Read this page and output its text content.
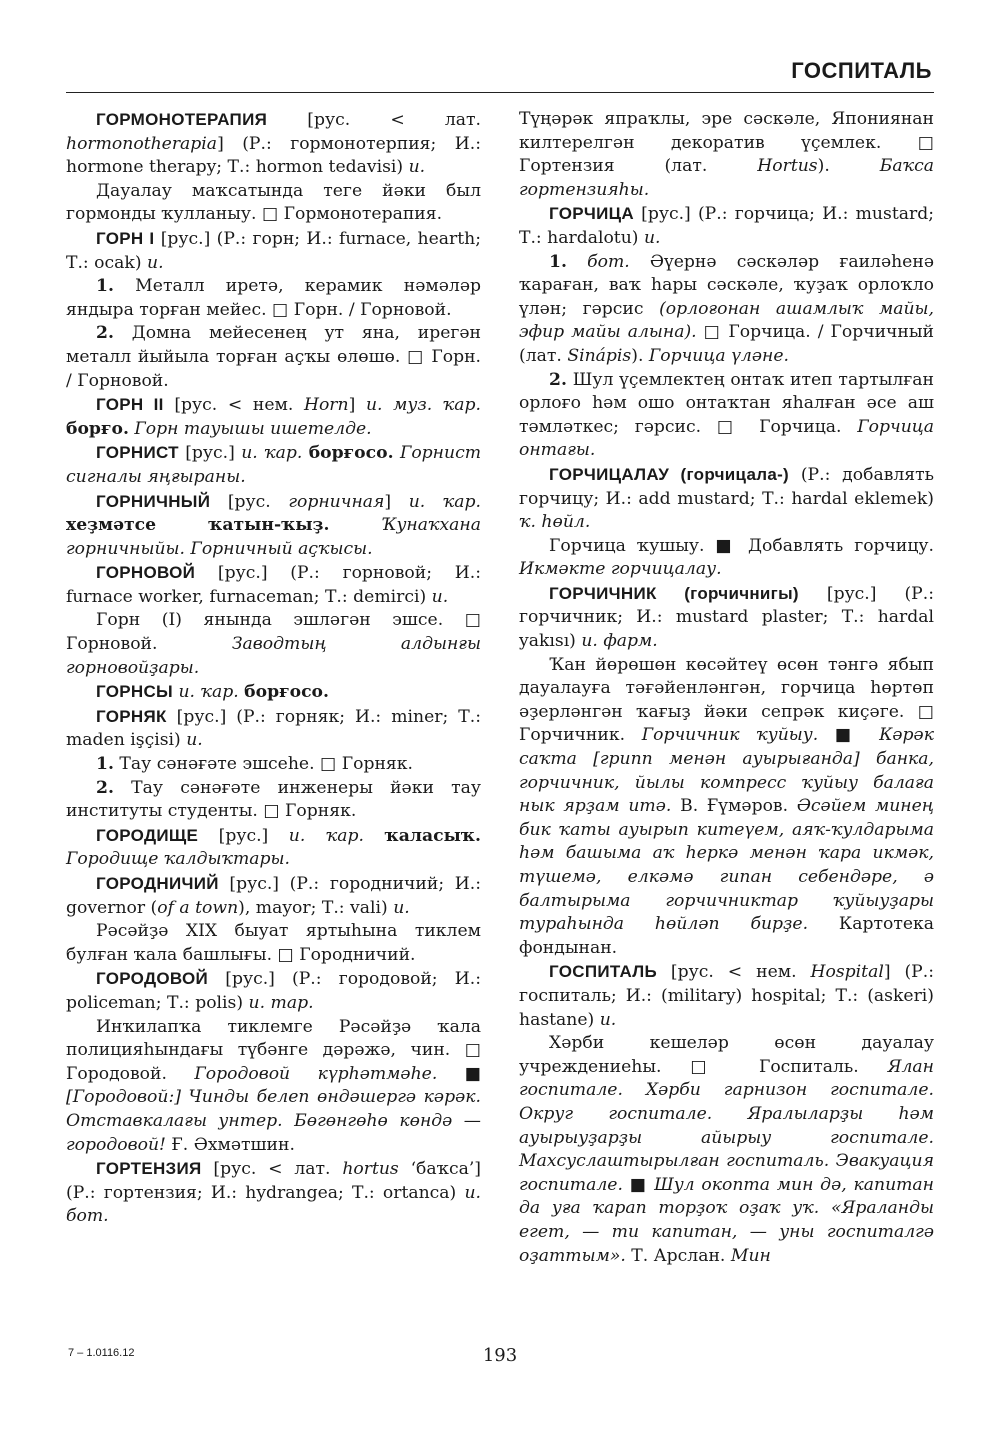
ГОСПИТАЛЬ

ГОРМОНОТЕРАПИЯ [рус. < лат. hormonotherapia] (Р.: гормонотерпия; И.: hormone therapy; Т.: hormon tedavisi) и.

Дауалау маҡсатында теге йәки был гормонды ҡулланыу. □ Гормонотерапия.

ГОРН I [рус.] (Р.: горн; И.: furnace, hearth; Т.: ocak) и.

1. Металл иретә, керамик нәмәләр яндыра торған мейес. □ Горн. / Горновой.

2. Домна мейесенең ут яна, ирегән металл йыйыла торған аҫҡы өлөшө. □ Горн. / Горновой.

ГОРН II [рус. < нем. Horn] и. муз. ҡар. борғо. Горн тауышы ишетелде.

ГОРНИСТ [рус.] и. ҡар. борғосо. Горнист сигналы яңғыраны.

ГОРНИЧНЫЙ [рус. горничная] и. ҡар. хеҙмәтсе ҡатын-ҡыҙ.	Ҡунаҡхана горничныйы. Горничный аҫҡысы.

ГОРНОВОЙ [рус.] (Р.: горновой; И.: furnace worker, furnaceman; Т.: demirci) и.

Горн (I) янында эшләгән эшсе. □ Горновой. Заводтың алдынғы горновойҙары.

ГОРНСЫ и. ҡар. борғосо.

ГОРНЯК [рус.] (Р.: горняк; И.: miner; Т.: maden işçisi) и.

1. Тау сәнәғәте эшсеһе. □ Горняк.

2. Тау сәнәғәте инженеры йәки тау институты студенты. □ Горняк.

ГОРОДИЩЕ [рус.] и. ҡар. ҡаласыҡ. Городище ҡалдыҡтары.

ГОРОДНИЧИЙ [рус.] (Р.: городничий; И.: governor (of a town), mayor; Т.: vali) и.

Рәсәйҙә XIX быуат яртыһына тиклем булған ҡала башлығы. □ Городничий.

ГОРОДОВОЙ [рус.] (Р.: городовой; И.: policeman; Т.: polis) и. тар.

Инҡилапҡа тиклемге Рәсәйҙә ҡала полицияһындағы түбәнге дәрәжә, чин. □ Городовой. Городовой күрһәтмәһе. ■ [Городовой:] Чинды белеп өндәшергә кәрәк. Отставкалағы унтер. Бөгөнгөһө көндә — городовой! Ғ. Әхмәтшин.

ГОРТЕНЗИЯ [рус. < лат. hortus ‘баҡса’] (Р.: гортензия; И.: hydrangea; Т.: ortanca) и. бот.

Түңәрәк япраҡлы, эре сәскәле, Япониянан килтерелгән декоратив үҫемлек. □ Гортензия (лат. Hortus). Баҡса гортензияһы.

ГОРЧИЦА [рус.] (Р.: горчица; И.: mustard; Т.: hardalotu) и.

1. бот. Әүернә сәскәләр ғаиләһенә ҡараған, ваҡ һары сәскәле, ҡуҙаҡ орлоҡло үлән; гәрсис (орлоғонан ашамлыҡ майы, эфир майы алына). □ Горчица. / Горчичный (лат. Sinápis). Горчица үләне.

2. Шул үҫемлектең онтаҡ итеп тартылған орлоғо һәм ошо онтаҡтан яһалған әсе аш тәмләткес; гәрсис. □ Горчица. Горчица онтағы.

ГОРЧИЦАЛАУ (горчицала-) (Р.: добавлять горчицу; И.: add mustard; Т.: hardal eklemek) ҡ. һөйл.

Горчица ҡушыу. ■ Добавлять горчицу. Икмәкте горчицалау.

ГОРЧИЧНИК (горчичнигы) [рус.] (Р.: горчичник; И.: mustard plaster; Т.: hardal yakısı) и. фарм.

Ҡан йөрөшөн көсәйтеү өсөн тәнгә ябып дауалауға тәғәйенләнгән, горчица һөртөп әҙерләнгән ҡағыҙ йәки сепрәк киҫәге. □ Горчичник. Горчичник ҡуйыу. ■ Кәрәк саҡта [грипп менән ауырығанда] банка, горчичник, йылы компресс ҡуйыу балаға нык ярҙам итә. В. Ғүмәров. Әсәйем минең бик ҡаты ауырып китеүем, аяҡ-ҡулдарыма һәм башыма аҡ һеркә менән ҡара икмәк, түшемә, елкәмә гипан себендәре, ә балтырыма горчичниктар ҡуйыуҙары тураһында һөйләп бирҙе. Картотека фондынан.

ГОСПИТАЛЬ [рус. < нем. Hospital] (Р.: госпиталь; И.: (military) hospital; Т.: (askeri) hastane) и.

Хәрби кешеләр өсөн дауалау учреждениеһы. □ Госпиталь. Ялан госпитале. Хәрби гарнизон госпитале. Округ госпитале. Яралыларҙы һәм ауырыуҙарҙы айырыу госпитале. Махсуслаштырылған госпиталь. Эвакуация госпитале. ■ Шул окопта мин дә, капитан да уға ҡарап торҙоҡ оҙаҡ уҡ. «Яраланды егет, — ти капитан, — уны госпиталгә оҙаттым». Т. Арслан. Мин

7 – 1.0116.12	193
